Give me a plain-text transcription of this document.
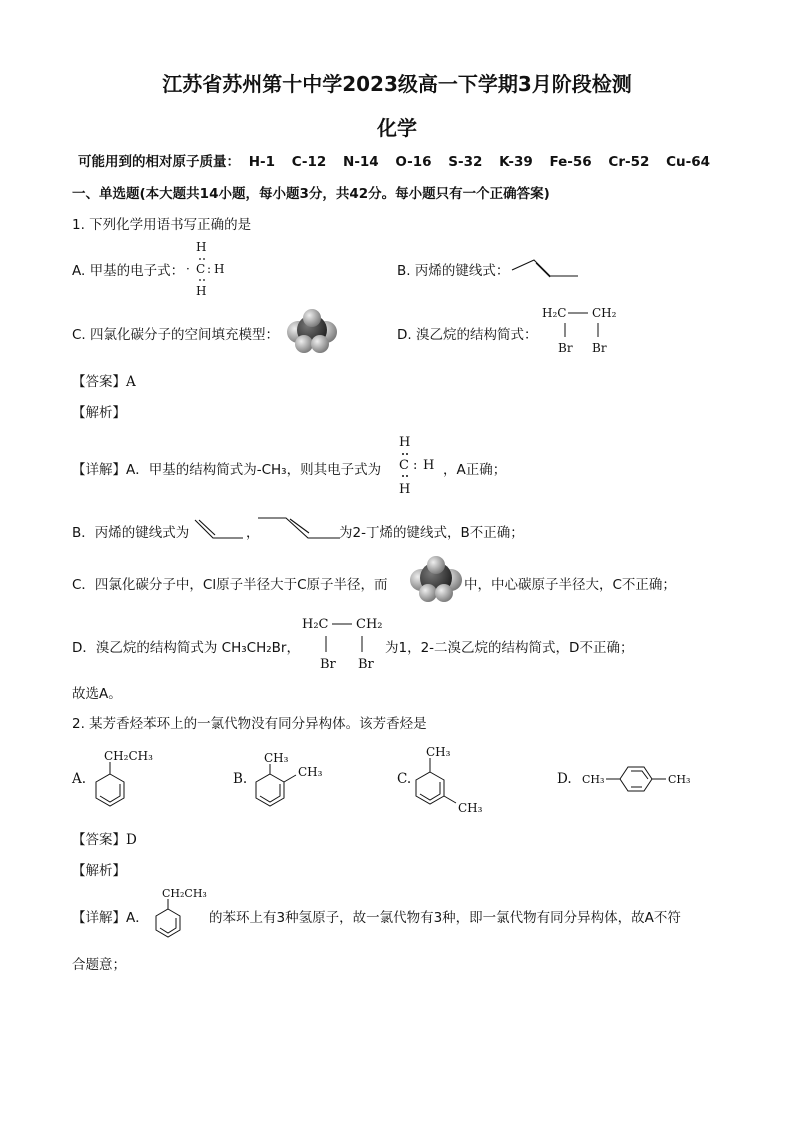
江苏省苏州第十中学2023级高一下学期3月阶段检测
化学
可能用到的相对原子质量： H-1 C-12 N-14 O-16 S-32 K-39 Fe-56 Cr-52 Cu-64
一、单选题(本大题共14小题，每小题3分，共42分。每小题只有一个正确答案)
1. 下列化学用语书写正确的是
A. 甲基的电子式：
H
· C : H
H
B. 丙烯的键线式：
C. 四氯化碳分子的空间填充模型：	D. 溴乙烷的结构简式：
H₂C CH₂
Br Br
【答案】A
【解析】
【详解】A．甲基的结构简式为-CH₃，则其电子式为
H
C : H
H
，A正确；
B．丙烯的键线式为	，	为2-丁烯的键线式，B不正确；
C．四氯化碳分子中，Cl原子半径大于C原子半径，而	中，中心碳原子半径大，C不正确；
D．溴乙烷的结构简式为 CH₃CH₂Br，
H₂C CH₂
Br Br
为1，2-二溴乙烷的结构简式，D不正确；
故选A。
2. 某芳香烃苯环上的一氯代物没有同分异构体。该芳香烃是
A.
CH₂CH₃
B.
CH₃
CH₃	C.
CH₃
CH₃
D. CH₃	CH₃
【答案】D
【解析】
【详解】A．
CH₂CH₃
的苯环上有3种氢原子，故一氯代物有3种，即一氯代物有同分异构体，故A不符
合题意；
